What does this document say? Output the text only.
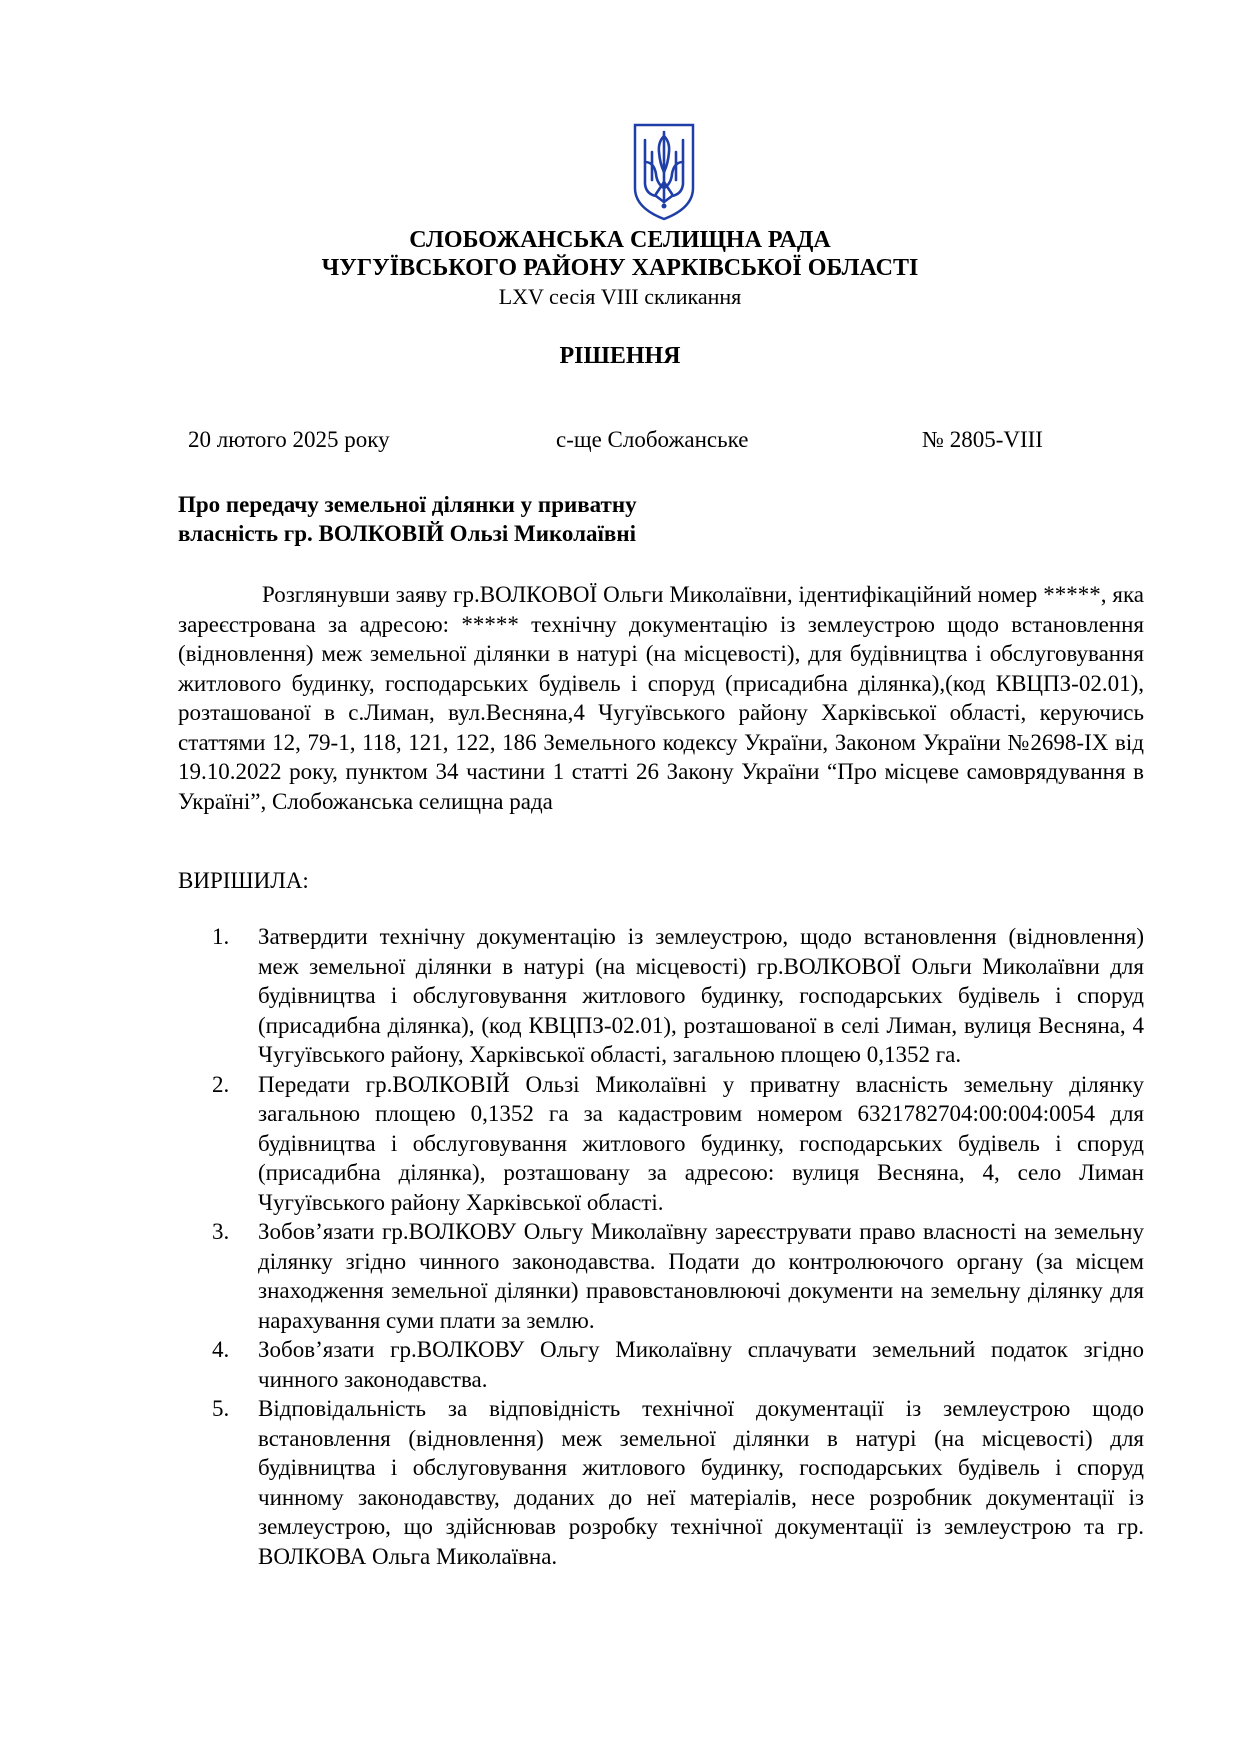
СЛОБОЖАНСЬКА СЕЛИЩНА РАДА
ЧУГУЇВСЬКОГО РАЙОНУ ХАРКІВСЬКОЇ ОБЛАСТІ
LXV сесія VIII скликання
РІШЕННЯ
20 лютого 2025 року	с-ще Слобожанське	№ 2805-VIII
Про передачу земельної ділянки у приватну
власність гр. ВОЛКОВІЙ Ользі Миколаївні

Розглянувши заяву гр.ВОЛКОВОЇ Ольги Миколаївни, ідентифікаційний номер *****, яка зареєстрована за адресою: ***** технічну документацію із землеустрою щодо встановлення (відновлення) меж земельної ділянки в натурі (на місцевості), для будівництва і обслуговування житлового будинку, господарських будівель і споруд (присадибна ділянка),(код КВЦПЗ-02.01), розташованої в с.Лиман, вул.Весняна,4 Чугуївського району Харківської області, керуючись статтями 12, 79-1, 118, 121, 122, 186 Земельного кодексу України, Законом України №2698-ІХ від 19.10.2022 року, пунктом 34 частини 1 статті 26 Закону України “Про місцеве самоврядування в Україні”, Слобожанська селищна рада

ВИРІШИЛА:
1. Затвердити технічну документацію із землеустрою, щодо встановлення (відновлення) меж земельної ділянки в натурі (на місцевості) гр.ВОЛКОВОЇ Ольги Миколаївни для будівництва і обслуговування житлового будинку, господарських будівель і споруд (присадибна ділянка), (код КВЦПЗ-02.01), розташованої в селі Лиман, вулиця Весняна, 4 Чугуївського району, Харківської області, загальною площею 0,1352 га.
2. Передати гр.ВОЛКОВІЙ Ользі Миколаївні у приватну власність земельну ділянку загальною площею 0,1352 га за кадастровим номером 6321782704:00:004:0054 для будівництва і обслуговування житлового будинку, господарських будівель і споруд (присадибна ділянка), розташовану за адресою: вулиця Весняна, 4, село Лиман Чугуївського району Харківської області.
3. Зобов’язати гр.ВОЛКОВУ Ольгу Миколаївну зареєструвати право власності на земельну ділянку згідно чинного законодавства. Подати до контролюючого органу (за місцем знаходження земельної ділянки) правовстановлюючі документи на земельну ділянку для нарахування суми плати за землю.
4. Зобов’язати гр.ВОЛКОВУ Ольгу Миколаївну сплачувати земельний податок згідно чинного законодавства.
5. Відповідальність за відповідність технічної документації із землеустрою щодо встановлення (відновлення) меж земельної ділянки в натурі (на місцевості) для будівництва і обслуговування житлового будинку, господарських будівель і споруд чинному законодавству, доданих до неї матеріалів, несе розробник документації із землеустрою, що здійснював розробку технічної документації із землеустрою та гр. ВОЛКОВА Ольга Миколаївна.
